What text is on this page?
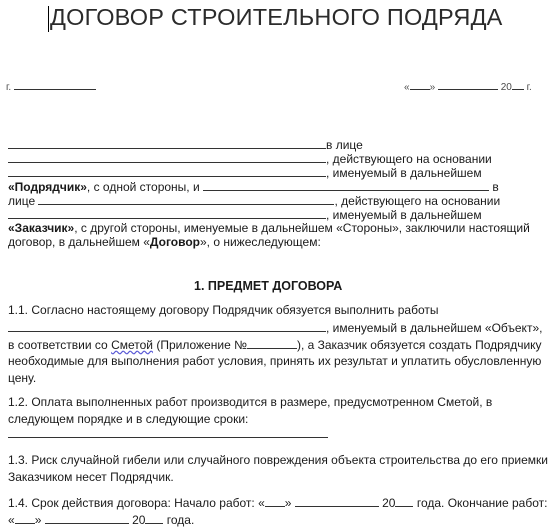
ДОГОВОР СТРОИТЕЛЬНОГО ПОДРЯДА
г.	« »	20 г.
в лице
, действующего на основании
, именуемый в дальнейшем
«Подрядчик», с одной стороны, и	в
лице	, действующего на основании
, именуемый в дальнейшем
«Заказчик», с другой стороны, именуемые в дальнейшем «Стороны», заключили настоящий
договор, в дальнейшем «Договор», о нижеследующем:
1. ПРЕДМЕТ ДОГОВОРА
1.1. Согласно настоящему договору Подрядчик обязуется выполнить работы
, именуемый в дальнейшем «Объект»,
в соответствии со Сметой (Приложение №	), а Заказчик обязуется создать Подрядчику
необходимые для выполнения работ условия, принять их результат и уплатить обусловленную
цену.
1.2. Оплата выполненных работ производится в размере, предусмотренном Сметой, в
следующем порядке и в следующие сроки:
1.3. Риск случайной гибели или случайного повреждения объекта строительства до его приемки
Заказчиком несет Подрядчик.
1.4. Срок действия договора: Начало работ: « »	20 года. Окончание работ:
« »	20 года.
